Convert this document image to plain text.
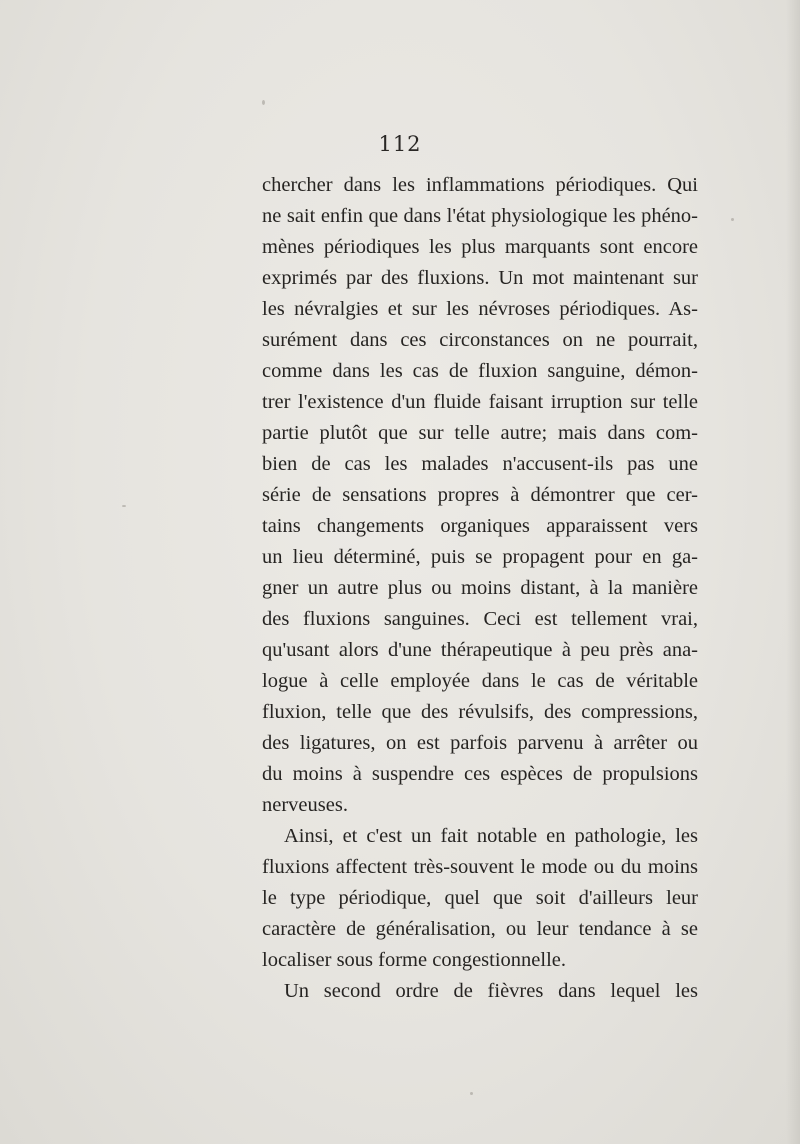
112
chercher dans les inflammations périodiques. Qui
ne sait enfin que dans l'état physiologique les phéno-
mènes périodiques les plus marquants sont encore
exprimés par des fluxions. Un mot maintenant sur
les névralgies et sur les névroses périodiques. As-
surément dans ces circonstances on ne pourrait,
comme dans les cas de fluxion sanguine, démon-
trer l'existence d'un fluide faisant irruption sur telle
partie plutôt que sur telle autre; mais dans com-
bien de cas les malades n'accusent-ils pas une
série de sensations propres à démontrer que cer-
tains changements organiques apparaissent vers
un lieu déterminé, puis se propagent pour en ga-
gner un autre plus ou moins distant, à la manière
des fluxions sanguines. Ceci est tellement vrai,
qu'usant alors d'une thérapeutique à peu près ana-
logue à celle employée dans le cas de véritable
fluxion, telle que des révulsifs, des compressions,
des ligatures, on est parfois parvenu à arrêter ou
du moins à suspendre ces espèces de propulsions
nerveuses.
Ainsi, et c'est un fait notable en pathologie, les
fluxions affectent très-souvent le mode ou du moins
le type périodique, quel que soit d'ailleurs leur
caractère de généralisation, ou leur tendance à se
localiser sous forme congestionnelle.
Un second ordre de fièvres dans lequel les
